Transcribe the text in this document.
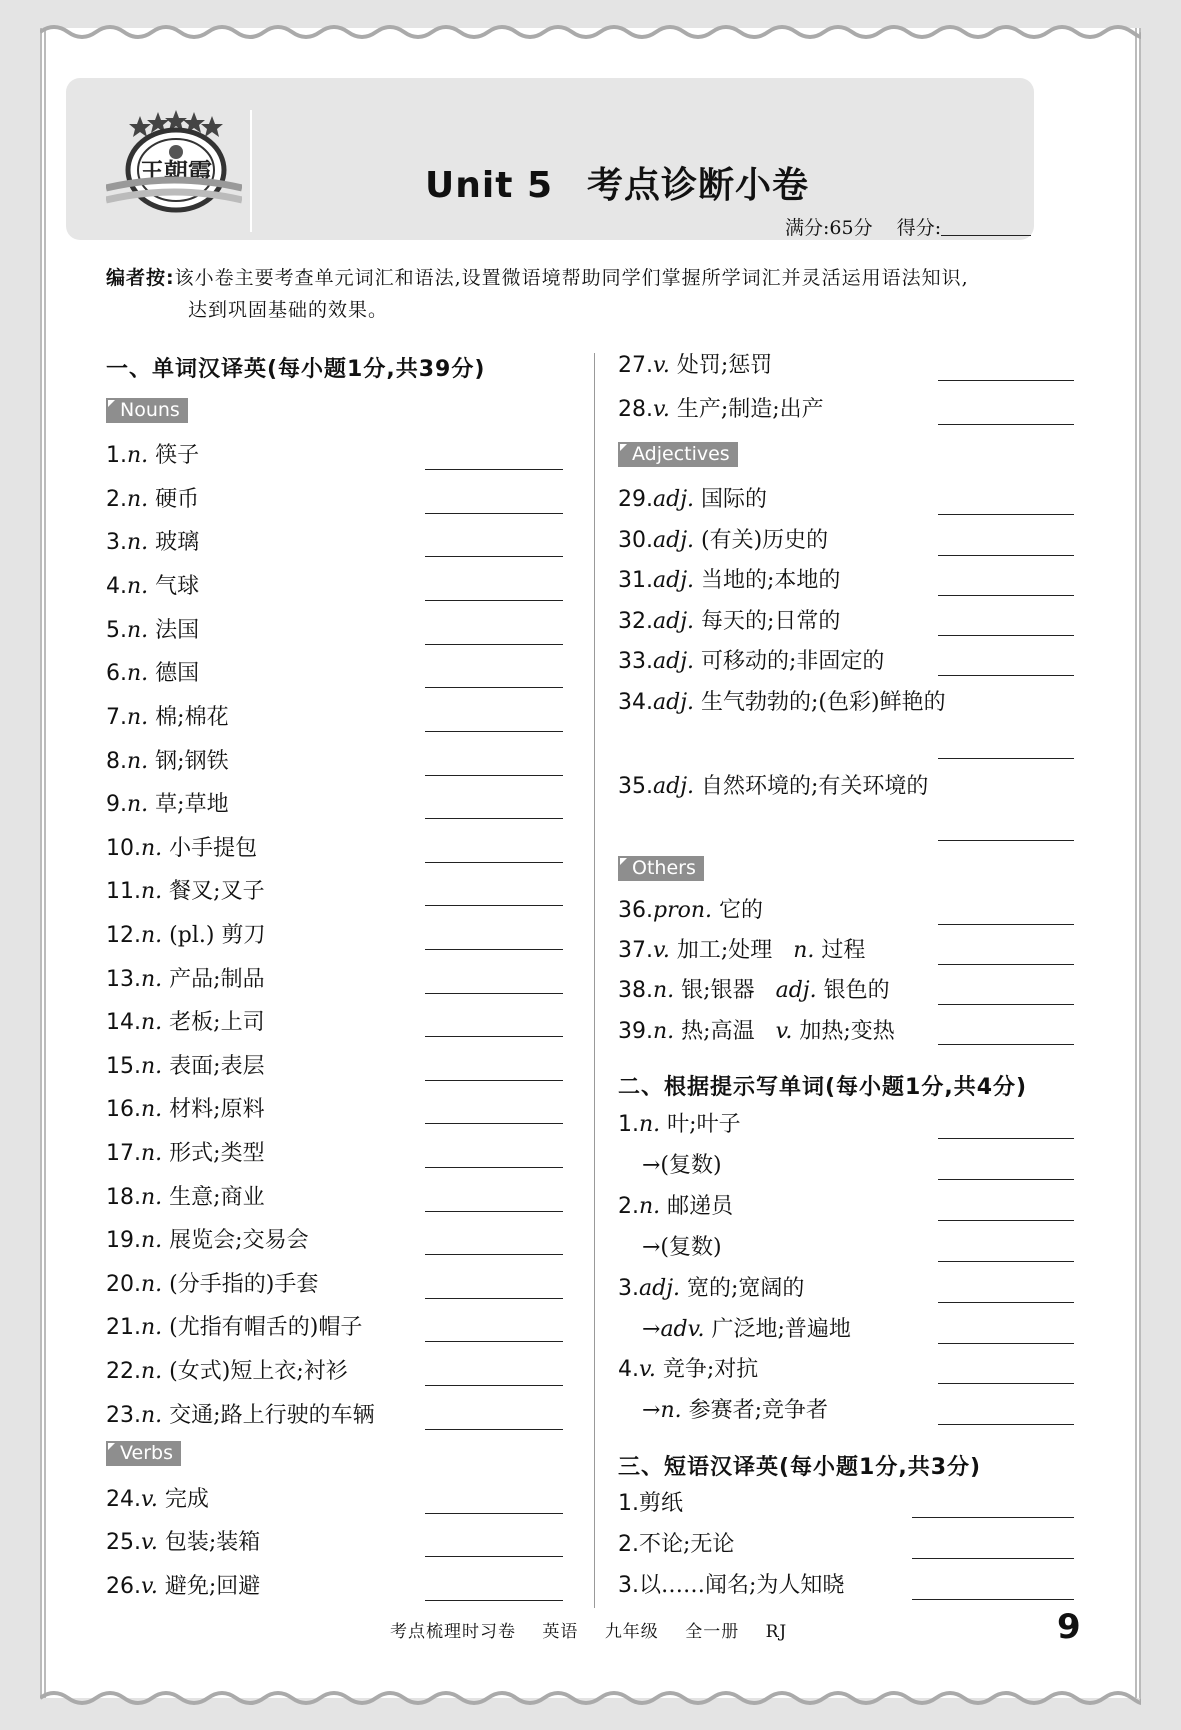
王朝霞	Unit 5 考点诊断小卷
满分:65分 得分:
编者按:该小卷主要考查单元词汇和语法,设置微语境帮助同学们掌握所学词汇并灵活运用语法知识,
达到巩固基础的效果。
一、单词汉译英(每小题1分,共39分)
Nouns
Verbs
Adjectives
Others
1.n. 筷子
2.n. 硬币
3.n. 玻璃
4.n. 气球
5.n. 法国
6.n. 德国
7.n. 棉;棉花
8.n. 钢;钢铁
9.n. 草;草地
10.n. 小手提包
11.n. 餐叉;叉子
12.n. (pl.) 剪刀
13.n. 产品;制品
14.n. 老板;上司
15.n. 表面;表层
16.n. 材料;原料
17.n. 形式;类型
18.n. 生意;商业
19.n. 展览会;交易会
20.n. (分手指的)手套
21.n. (尤指有帽舌的)帽子
22.n. (女式)短上衣;衬衫
23.n. 交通;路上行驶的车辆
24.v. 完成
25.v. 包装;装箱
26.v. 避免;回避
27.v. 处罚;惩罚
28.v. 生产;制造;出产
29.adj. 国际的
30.adj. (有关)历史的
31.adj. 当地的;本地的
32.adj. 每天的;日常的
33.adj. 可移动的;非固定的
34.adj. 生气勃勃的;(色彩)鲜艳的
35.adj. 自然环境的;有关环境的
36.pron. 它的
37.v. 加工;处理 n. 过程
38.n. 银;银器 adj. 银色的
39.n. 热;高温 v. 加热;变热
1.n. 叶;叶子
→(复数)
2.n. 邮递员
→(复数)
3.adj. 宽的;宽阔的
→adv. 广泛地;普遍地
4.v. 竞争;对抗
→n. 参赛者;竞争者
1.剪纸
2.不论;无论
3.以……闻名;为人知晓
二、根据提示写单词(每小题1分,共4分)
三、短语汉译英(每小题1分,共3分)
考点梳理时习卷 英语 九年级 全一册 RJ	9
